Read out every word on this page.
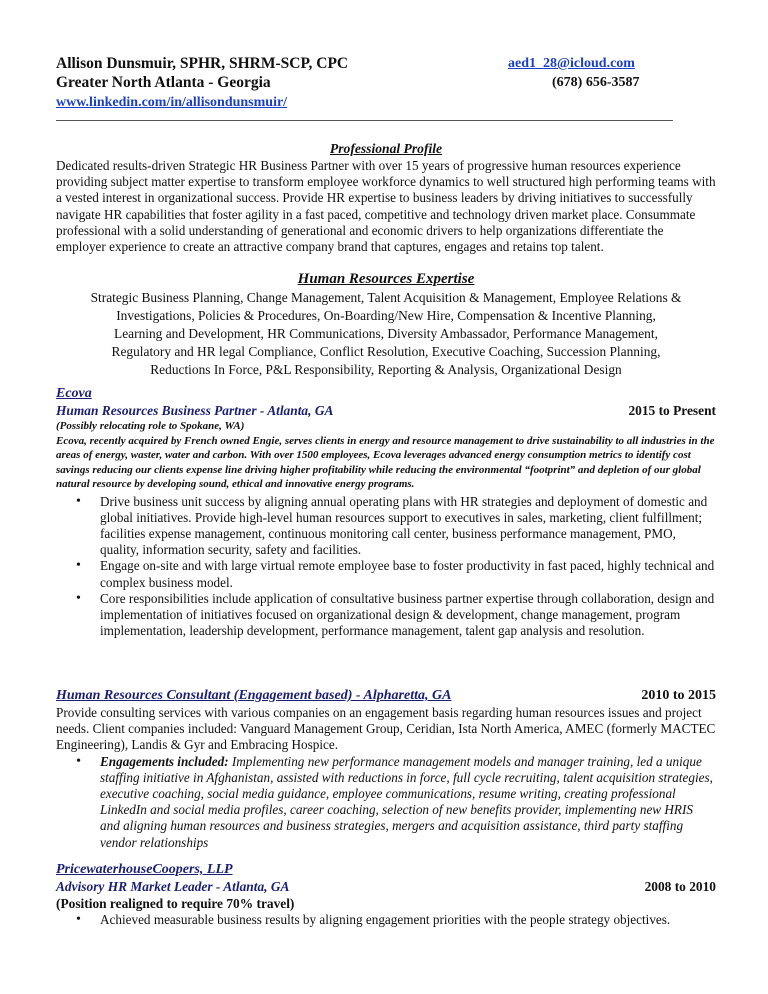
Allison Dunsmuir, SPHR, SHRM-SCP, CPC	aed1_28@icloud.com
Greater North Atlanta - Georgia	(678) 656-3587
www.linkedin.com/in/allisondunsmuir/
Professional Profile
Dedicated results-driven Strategic HR Business Partner with over 15 years of progressive human resources experience providing subject matter expertise to transform employee workforce dynamics to well structured high performing teams with a vested interest in organizational success. Provide HR expertise to business leaders by driving initiatives to successfully navigate HR capabilities that foster agility in a fast paced, competitive and technology driven market place. Consummate professional with a solid understanding of generational and economic drivers to help organizations differentiate the employer experience to create an attractive company brand that captures, engages and retains top talent.
Human Resources Expertise
Strategic Business Planning, Change Management, Talent Acquisition & Management, Employee Relations &
Investigations, Policies & Procedures, On-Boarding/New Hire, Compensation & Incentive Planning,
Learning and Development, HR Communications, Diversity Ambassador, Performance Management,
Regulatory and HR legal Compliance, Conflict Resolution, Executive Coaching, Succession Planning,
Reductions In Force, P&L Responsibility, Reporting & Analysis, Organizational Design
Ecova
Human Resources Business Partner - Atlanta, GA	2015 to Present
(Possibly relocating role to Spokane, WA)
Ecova, recently acquired by French owned Engie, serves clients in energy and resource management to drive sustainability to all industries in the areas of energy, waster, water and carbon. With over 1500 employees, Ecova leverages advanced energy consumption metrics to identify cost savings reducing our clients expense line driving higher profitability while reducing the environmental “footprint” and depletion of our global natural resource by developing sound, ethical and innovative energy programs.
• Drive business unit success by aligning annual operating plans with HR strategies and deployment of domestic and global initiatives. Provide high-level human resources support to executives in sales, marketing, client fulfillment; facilities expense management, continuous monitoring call center, business performance management, PMO, quality, information security, safety and facilities.
• Engage on-site and with large virtual remote employee base to foster productivity in fast paced, highly technical and complex business model.
• Core responsibilities include application of consultative business partner expertise through collaboration, design and implementation of initiatives focused on organizational design & development, change management, program implementation, leadership development, performance management, talent gap analysis and resolution.
Human Resources Consultant (Engagement based) - Alpharetta, GA	2010 to 2015
Provide consulting services with various companies on an engagement basis regarding human resources issues and project needs. Client companies included: Vanguard Management Group, Ceridian, Ista North America, AMEC (formerly MACTEC Engineering), Landis & Gyr and Embracing Hospice.
• Engagements included: Implementing new performance management models and manager training, led a unique staffing initiative in Afghanistan, assisted with reductions in force, full cycle recruiting, talent acquisition strategies, executive coaching, social media guidance, employee communications, resume writing, creating professional LinkedIn and social media profiles, career coaching, selection of new benefits provider, implementing new HRIS and aligning human resources and business strategies, mergers and acquisition assistance, third party staffing vendor relationships
PricewaterhouseCoopers, LLP
Advisory HR Market Leader - Atlanta, GA	2008 to 2010
(Position realigned to require 70% travel)
• Achieved measurable business results by aligning engagement priorities with the people strategy objectives.
